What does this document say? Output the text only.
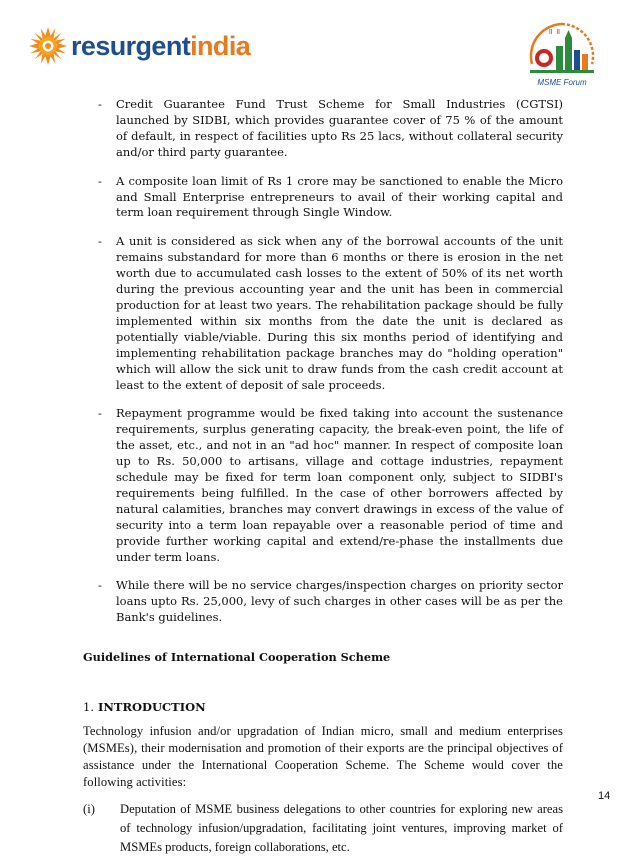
resurgentindia	॥ ॥
MSME Forum
- Credit Guarantee Fund Trust Scheme for Small Industries (CGTSI) launched by SIDBI, which provides guarantee cover of 75 % of the amount of default, in respect of facilities upto Rs 25 lacs, without collateral security and/or third party guarantee.
- A composite loan limit of Rs 1 crore may be sanctioned to enable the Micro and Small Enterprise entrepreneurs to avail of their working capital and term loan requirement through Single Window.
- A unit is considered as sick when any of the borrowal accounts of the unit remains substandard for more than 6 months or there is erosion in the net worth due to accumulated cash losses to the extent of 50% of its net worth during the previous accounting year and the unit has been in commercial production for at least two years. The rehabilitation package should be fully implemented within six months from the date the unit is declared as potentially viable/viable. During this six months period of identifying and implementing rehabilitation package branches may do "holding operation" which will allow the sick unit to draw funds from the cash credit account at least to the extent of deposit of sale proceeds.
- Repayment programme would be fixed taking into account the sustenance requirements, surplus generating capacity, the break-even point, the life of the asset, etc., and not in an "ad hoc" manner. In respect of composite loan up to Rs. 50,000 to artisans, village and cottage industries, repayment schedule may be fixed for term loan component only, subject to SIDBI's requirements being fulfilled. In the case of other borrowers affected by natural calamities, branches may convert drawings in excess of the value of security into a term loan repayable over a reasonable period of time and provide further working capital and extend/re-phase the installments due under term loans.
- While there will be no service charges/inspection charges on priority sector loans upto Rs. 25,000, levy of such charges in other cases will be as per the Bank's guidelines.
Guidelines of International Cooperation Scheme
1. INTRODUCTION

Technology infusion and/or upgradation of Indian micro, small and medium enterprises (MSMEs), their modernisation and promotion of their exports are the principal objectives of assistance under the International Cooperation Scheme. The Scheme would cover the following activities:

(i)	Deputation of MSME business delegations to other countries for exploring new areas of technology infusion/upgradation, facilitating joint ventures, improving market of MSMEs products, foreign collaborations, etc.
14
